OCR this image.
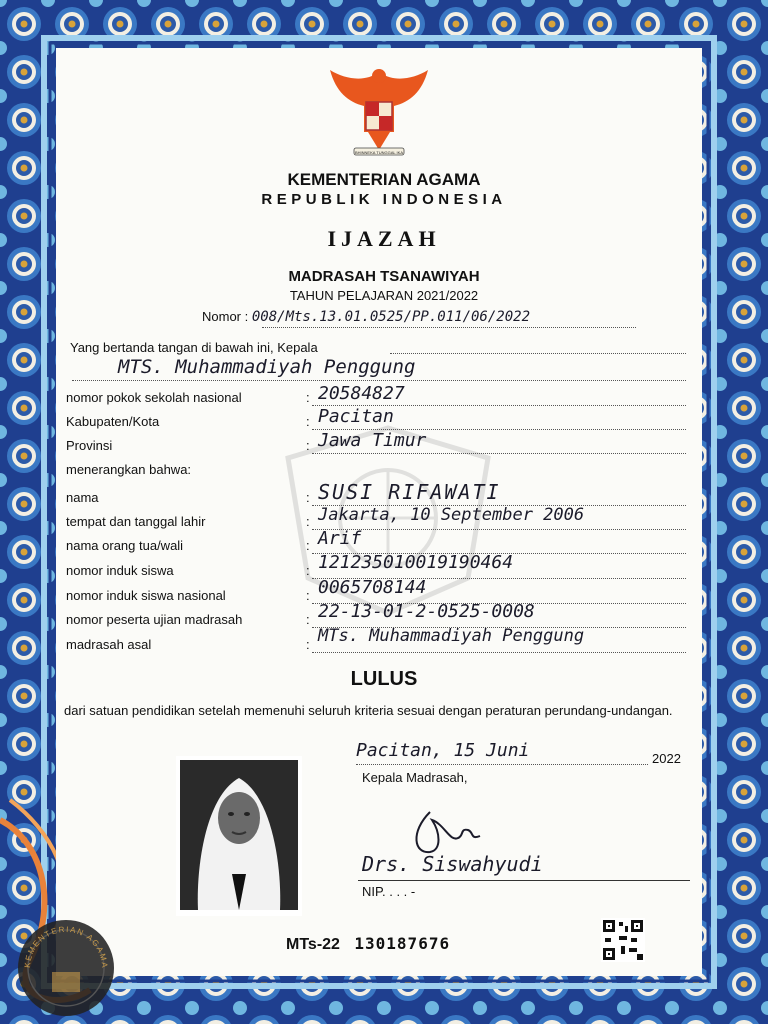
BHINNEKA TUNGGAL IKA
KEMENTERIAN AGAMA
REPUBLIK INDONESIA
IJAZAH
MADRASAH TSANAWIYAH
TAHUN PELAJARAN 2021/2022
Nomor : 008/Mts.13.01.0525/PP.011/06/2022
Yang bertanda tangan di bawah ini, Kepala
MTS. Muhammadiyah Penggung
nomor pokok sekolah nasional	: 20584827
Kabupaten/Kota	: Pacitan
Provinsi	: Jawa Timur
menerangkan bahwa:
nama	: SUSI RIFAWATI
tempat dan tanggal lahir	: Jakarta, 10 September 2006
nama orang tua/wali	: Arif
nomor induk siswa	: 121235010019190464
nomor induk siswa nasional	: 0065708144
nomor peserta ujian madrasah	: 22-13-01-2-0525-0008
madrasah asal	: MTs. Muhammadiyah Penggung
LULUS
dari satuan pendidikan setelah memenuhi seluruh kriteria sesuai dengan peraturan perundang-undangan.
Pacitan, 15 Juni	2022
Kepala Madrasah,
Drs. Siswahyudi
NIP. . . . -
MTs-22 130187676
KEMENTERIAN AGAMA
